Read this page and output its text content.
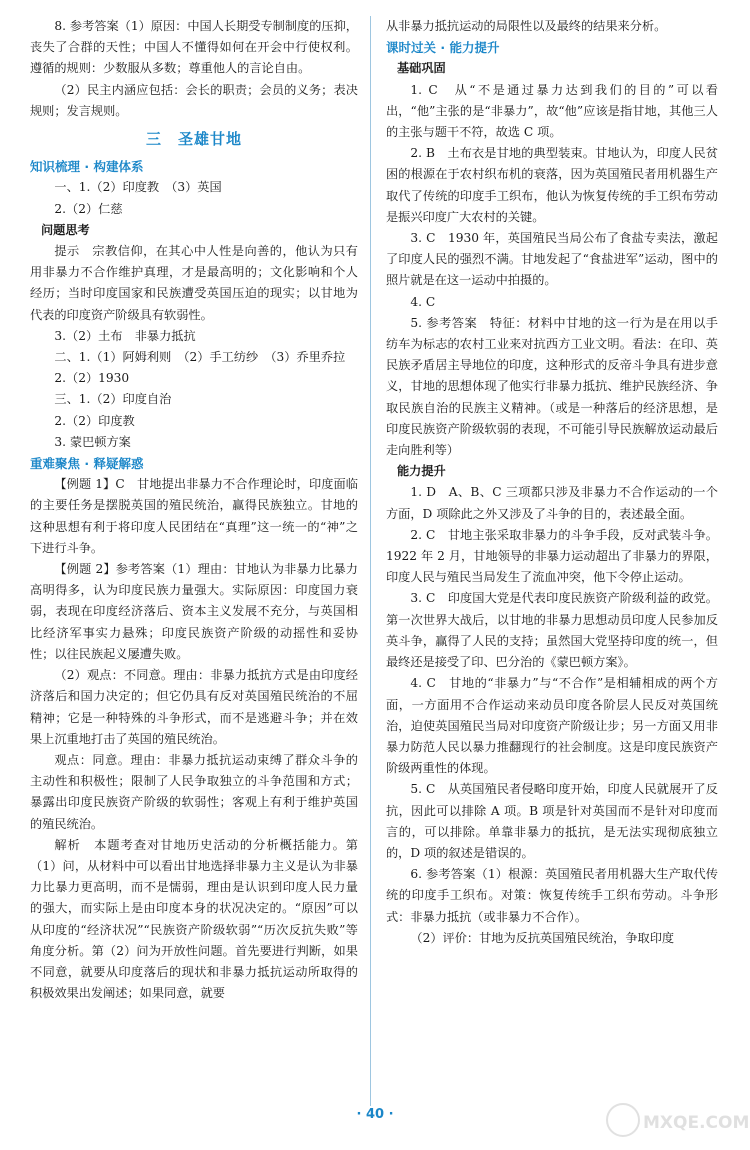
8. 参考答案（1）原因：中国人长期受专制制度的压抑，丧失了合群的天性；中国人不懂得如何在开会中行使权利。遵循的规则：少数服从多数；尊重他人的言论自由。

（2）民主内涵应包括：会长的职责；会员的义务；表决规则；发言规则。

三　圣雄甘地

知识梳理 · 构建体系

一、1.（2）印度教　（3）英国

2.（2）仁慈

问题思考

提示　宗教信仰，在其心中人性是向善的，他认为只有用非暴力不合作维护真理，才是最高明的；文化影响和个人经历；当时印度国家和民族遭受英国压迫的现实；以甘地为代表的印度资产阶级具有软弱性。

3.（2）土布　非暴力抵抗

二、1.（1）阿姆利则　（2）手工纺纱　（3）乔里乔拉

2.（2）1930

三、1.（2）印度自治

2.（2）印度教

3. 蒙巴顿方案

重难聚焦 · 释疑解惑

【例题 1】C　甘地提出非暴力不合作理论时，印度面临的主要任务是摆脱英国的殖民统治，赢得民族独立。甘地的这种思想有利于将印度人民团结在“真理”这一统一的“神”之下进行斗争。

【例题 2】参考答案（1）理由：甘地认为非暴力比暴力高明得多，认为印度民族力量强大。实际原因：印度国力衰弱，表现在印度经济落后、资本主义发展不充分，与英国相比经济军事实力悬殊；印度民族资产阶级的动摇性和妥协性；以往民族起义屡遭失败。

（2）观点：不同意。理由：非暴力抵抗方式是由印度经济落后和国力决定的；但它仍具有反对英国殖民统治的不屈精神；它是一种特殊的斗争形式，而不是逃避斗争；并在效果上沉重地打击了英国的殖民统治。

观点：同意。理由：非暴力抵抗运动束缚了群众斗争的主动性和积极性；限制了人民争取独立的斗争范围和方式；暴露出印度民族资产阶级的软弱性；客观上有利于维护英国的殖民统治。

解析　本题考查对甘地历史活动的分析概括能力。第（1）问，从材料中可以看出甘地选择非暴力主义是认为非暴力比暴力更高明，而不是懦弱，理由是认识到印度人民力量的强大，而实际上是由印度本身的状况决定的。“原因”可以从印度的“经济状况”“民族资产阶级软弱”“历次反抗失败”等角度分析。第（2）问为开放性问题。首先要进行判断，如果不同意，就要从印度落后的现状和非暴力抵抗运动所取得的积极效果出发阐述；如果同意，就要

从非暴力抵抗运动的局限性以及最终的结果来分析。

课时过关 · 能力提升

基础巩固

1. C　从“不是通过暴力达到我们的目的”可以看出，“他”主张的是“非暴力”，故“他”应该是指甘地，其他三人的主张与题干不符，故选 C 项。

2. B　土布衣是甘地的典型装束。甘地认为，印度人民贫困的根源在于农村织布机的衰落，因为英国殖民者用机器生产取代了传统的印度手工织布，他认为恢复传统的手工织布劳动是振兴印度广大农村的关键。

3. C　1930 年，英国殖民当局公布了食盐专卖法，激起了印度人民的强烈不满。甘地发起了“食盐进军”运动，图中的照片就是在这一运动中拍摄的。

4. C

5. 参考答案　特征：材料中甘地的这一行为是在用以手纺车为标志的农村工业来对抗西方工业文明。看法：在印、英民族矛盾居主导地位的印度，这种形式的反帝斗争具有进步意义，甘地的思想体现了他实行非暴力抵抗、维护民族经济、争取民族自治的民族主义精神。（或是一种落后的经济思想，是印度民族资产阶级软弱的表现，不可能引导民族解放运动最后走向胜利等）

能力提升

1. D　A、B、C 三项都只涉及非暴力不合作运动的一个方面，D 项除此之外又涉及了斗争的目的，表述最全面。

2. C　甘地主张采取非暴力的斗争手段，反对武装斗争。1922 年 2 月，甘地领导的非暴力运动超出了非暴力的界限，印度人民与殖民当局发生了流血冲突，他下令停止运动。

3. C　印度国大党是代表印度民族资产阶级利益的政党。第一次世界大战后，以甘地的非暴力思想动员印度人民参加反英斗争，赢得了人民的支持；虽然国大党坚持印度的统一，但最终还是接受了印、巴分治的《蒙巴顿方案》。

4. C　甘地的“非暴力”与“不合作”是相辅相成的两个方面，一方面用不合作运动来动员印度各阶层人民反对英国统治，迫使英国殖民当局对印度资产阶级让步；另一方面又用非暴力防范人民以暴力推翻现行的社会制度。这是印度民族资产阶级两重性的体现。

5. C　从英国殖民者侵略印度开始，印度人民就展开了反抗，因此可以排除 A 项。B 项是针对英国而不是针对印度而言的，可以排除。单靠非暴力的抵抗，是无法实现彻底独立的，D 项的叙述是错误的。

6. 参考答案（1）根源：英国殖民者用机器大生产取代传统的印度手工织布。对策：恢复传统手工织布劳动。斗争形式：非暴力抵抗（或非暴力不合作）。

（2）评价：甘地为反抗英国殖民统治，争取印度

· 40 ·	MXQE.COM
